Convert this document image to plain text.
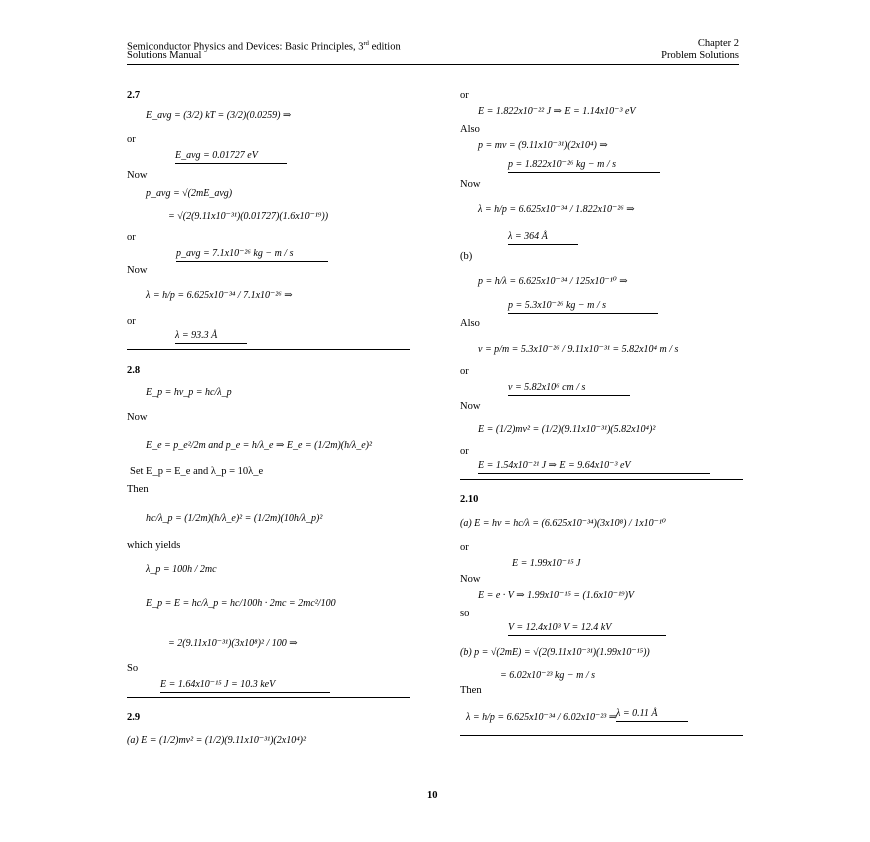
Semiconductor Physics and Devices: Basic Principles, 3rd edition
Solutions Manual
Chapter 2
Problem Solutions
2.7
E_avg = (3/2) kT = (3/2)(0.0259) ⇒
or
E_avg = 0.01727 eV
Now
p_avg = √(2mE_avg)
= √(2(9.11x10⁻³¹)(0.01727)(1.6x10⁻¹⁹))
or
p_avg = 7.1x10⁻²⁶ kg − m / s
Now
λ = h/p = 6.625x10⁻³⁴ / 7.1x10⁻²⁶ ⇒
or
λ = 93.3 Å
2.8
E_p = hν_p = hc/λ_p
Now
E_e = p_e²/2m and p_e = h/λ_e ⇒ E_e = (1/2m)(h/λ_e)²
Set E_p = E_e and λ_p = 10λ_e
Then
hc/λ_p = (1/2m)(h/λ_e)² = (1/2m)(10h/λ_p)²
which yields
λ_p = 100h / 2mc
E_p = E = hc/λ_p = hc/100h · 2mc = 2mc²/100
= 2(9.11x10⁻³¹)(3x10⁸)² / 100 ⇒
So
E = 1.64x10⁻¹⁵ J = 10.3 keV
2.9
(a) E = (1/2)mv² = (1/2)(9.11x10⁻³¹)(2x10⁴)²
or
E = 1.822x10⁻²² J ⇒ E = 1.14x10⁻³ eV
Also
p = mv = (9.11x10⁻³¹)(2x10⁴) ⇒
p = 1.822x10⁻²⁶ kg − m / s
Now
λ = h/p = 6.625x10⁻³⁴ / 1.822x10⁻²⁶ ⇒
λ = 364 Å
(b)
p = h/λ = 6.625x10⁻³⁴ / 125x10⁻¹⁰ ⇒
p = 5.3x10⁻²⁶ kg − m / s
Also
v = p/m = 5.3x10⁻²⁶ / 9.11x10⁻³¹ = 5.82x10⁴ m / s
or
v = 5.82x10⁶ cm / s
Now
E = (1/2)mv² = (1/2)(9.11x10⁻³¹)(5.82x10⁴)²
or
E = 1.54x10⁻²¹ J ⇒ E = 9.64x10⁻³ eV
2.10
(a) E = hν = hc/λ = (6.625x10⁻³⁴)(3x10⁸) / 1x10⁻¹⁰
or
E = 1.99x10⁻¹⁵ J
Now
E = e · V ⇒ 1.99x10⁻¹⁵ = (1.6x10⁻¹⁹)V
so
V = 12.4x10³ V = 12.4 kV
(b) p = √(2mE) = √(2(9.11x10⁻³¹)(1.99x10⁻¹⁵))
= 6.02x10⁻²³ kg − m / s
Then
λ = h/p = 6.625x10⁻³⁴ / 6.02x10⁻²³ ⇒
λ = 0.11 Å
10
